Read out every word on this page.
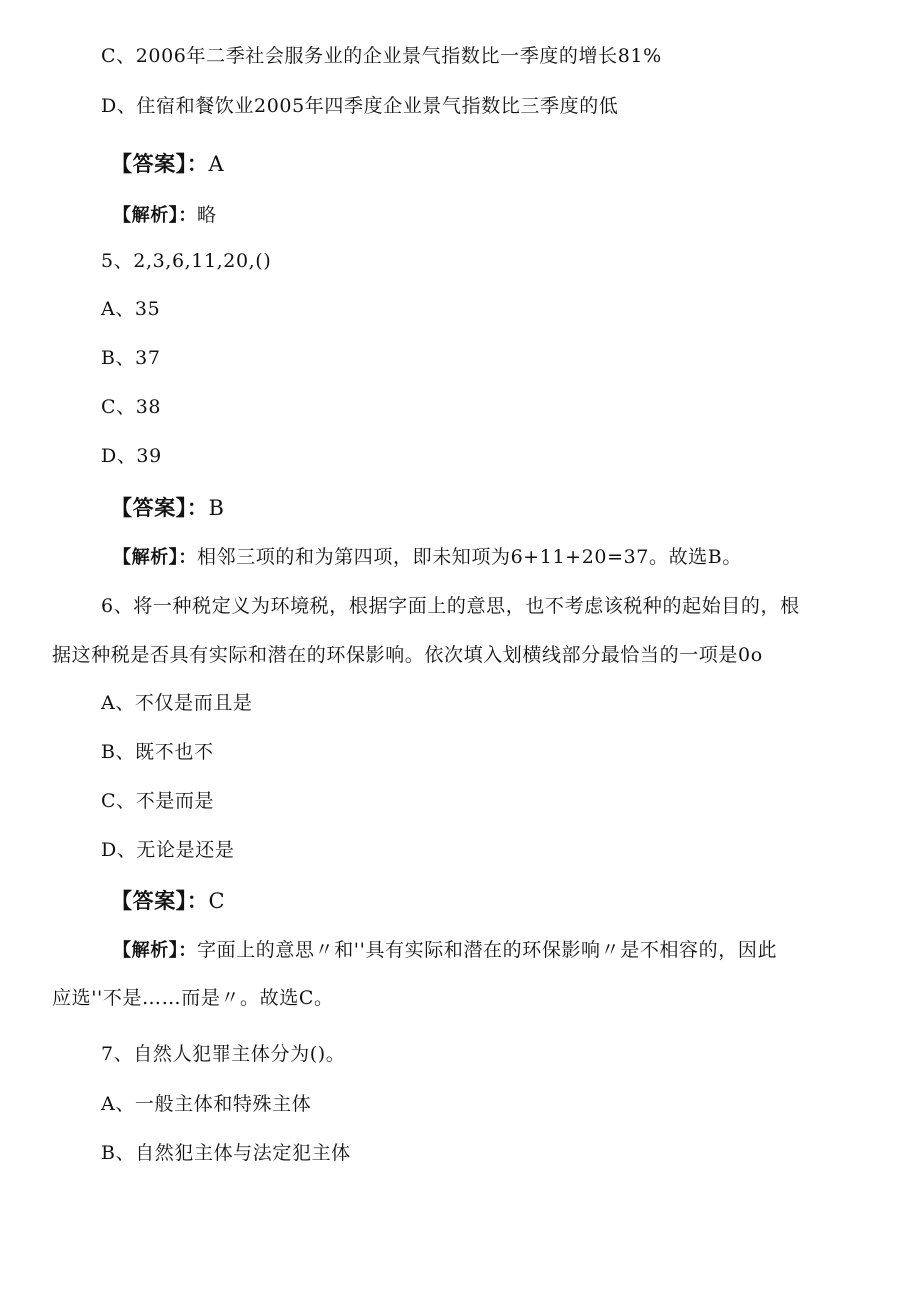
C、2006年二季社会服务业的企业景气指数比一季度的增长81%
D、住宿和餐饮业2005年四季度企业景气指数比三季度的低
【答案】：A
【解析】：略
5、2,3,6,11,20,()
A、35
B、37
C、38
D、39
【答案】：B
【解析】：相邻三项的和为第四项，即未知项为6+11+20=37。故选B。
6、将一种税定义为环境税，根据字面上的意思，也不考虑该税种的起始目的，根
据这种税是否具有实际和潜在的环保影响。依次填入划横线部分最恰当的一项是0o
A、不仅是而且是
B、既不也不
C、不是而是
D、无论是还是
【答案】：C
【解析】：字面上的意思〃和''具有实际和潜在的环保影响〃是不相容的，因此
应选''不是……而是〃。故选C。
7、自然人犯罪主体分为()。
A、一般主体和特殊主体
B、自然犯主体与法定犯主体
